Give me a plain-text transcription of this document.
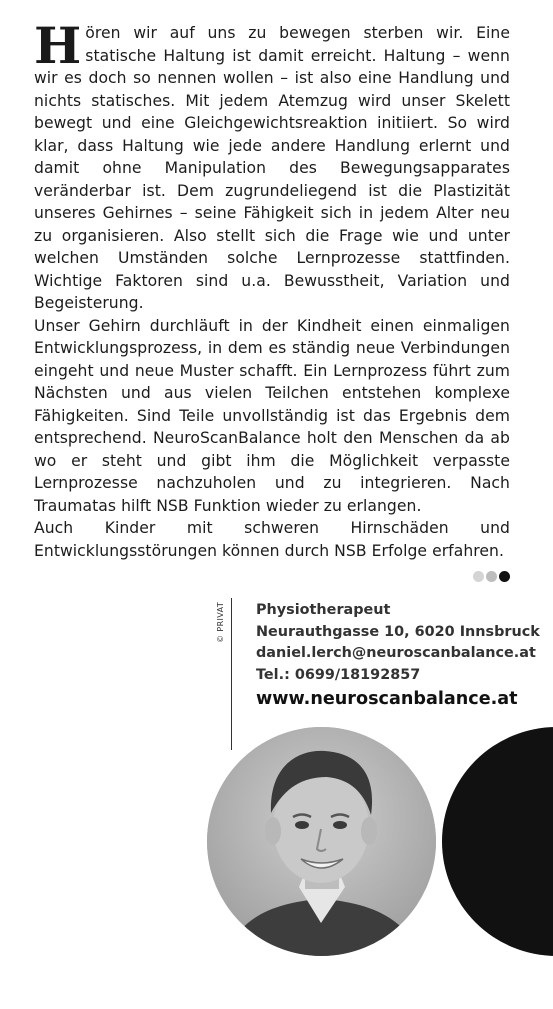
Hören wir auf uns zu bewegen sterben wir. Eine statische Haltung ist damit erreicht. Haltung – wenn wir es doch so nennen wollen – ist also eine Handlung und nichts statisches. Mit jedem Atemzug wird unser Skelett bewegt und eine Gleichgewichtsreaktion initiiert. So wird klar, dass Haltung wie jede andere Handlung erlernt und damit ohne Manipulation des Bewegungsapparates veränderbar ist. Dem zugrundeliegend ist die Plastizität unseres Gehirnes – seine Fähigkeit sich in jedem Alter neu zu organisieren. Also stellt sich die Frage wie und unter welchen Umständen solche Lernprozesse stattfinden. Wichtige Faktoren sind u.a. Bewusstheit, Variation und Begeisterung.

Unser Gehirn durchläuft in der Kindheit einen einmaligen Entwicklungsprozess, in dem es ständig neue Verbindungen eingeht und neue Muster schafft. Ein Lernprozess führt zum Nächsten und aus vielen Teilchen entstehen komplexe Fähigkeiten. Sind Teile unvollständig ist das Ergebnis dem entsprechend. NeuroScanBalance holt den Menschen da ab wo er steht und gibt ihm die Möglichkeit verpasste Lernprozesse nachzuholen und zu integrieren. Nach Traumatas hilft NSB Funktion wieder zu erlangen.

Auch Kinder mit schweren Hirnschäden und Entwicklungsstörungen können durch NSB Erfolge erfahren.

© PRIVAT Physiotherapeut
Neurauthgasse 10, 6020 Innsbruck
daniel.lerch@neuroscanbalance.at
Tel.: 0699/18192857
www.neuroscanbalance.at
